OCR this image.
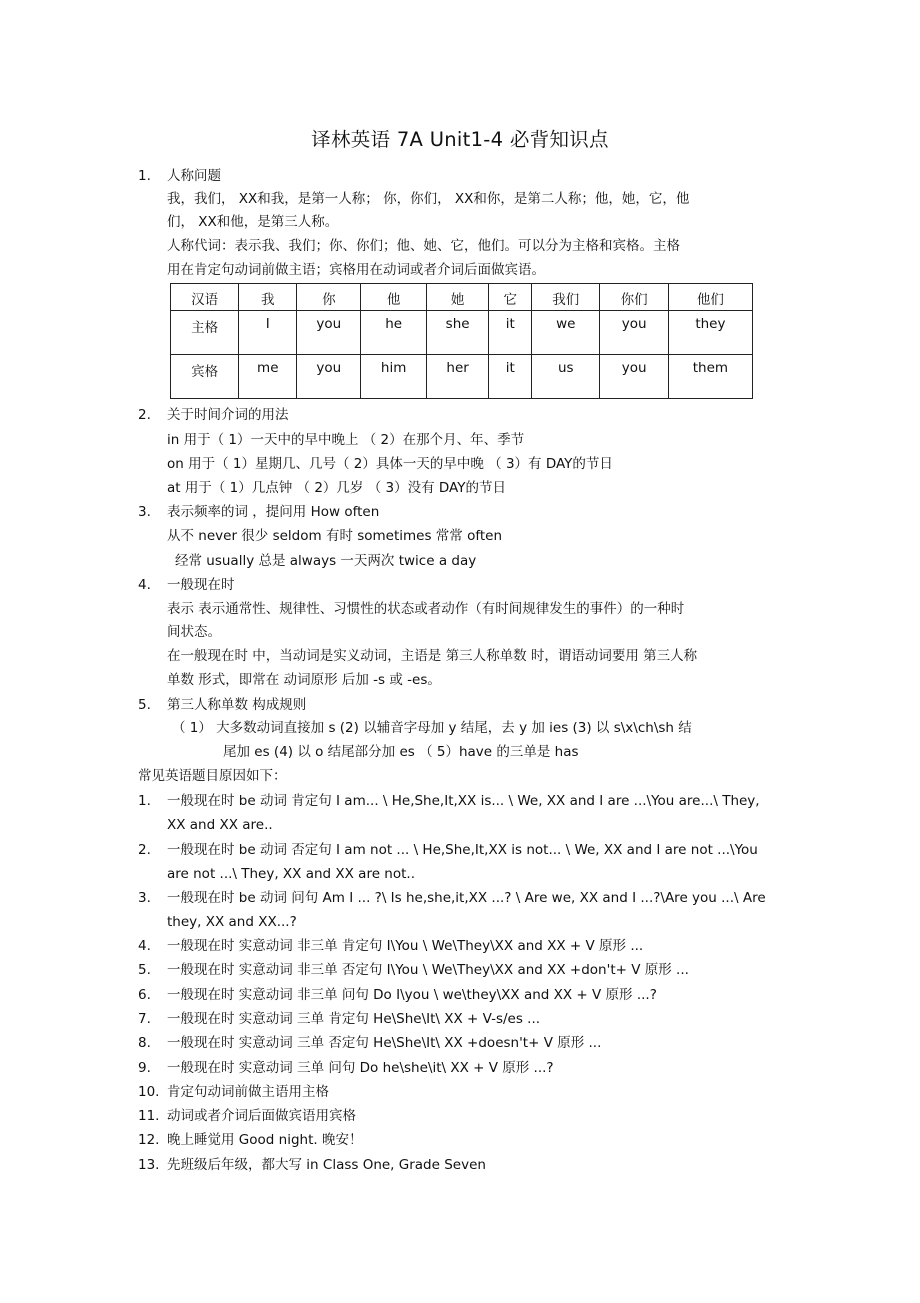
译林英语 7A Unit1-4 必背知识点
1. 人称问题
我，我们， XX和我，是第一人称； 你，你们， XX和你，是第二人称；他，她，它，他
们， XX和他，是第三人称。
人称代词：表示我、我们；你、你们；他、她、它，他们。可以分为主格和宾格。主格
用在肯定句动词前做主语；宾格用在动词或者介词后面做宾语。
汉语	我	你	他	她	它	我们	你们	他们
主格	I	you	he	she	it	we	you	they
宾格	me	you	him	her	it	us	you	them
2. 关于时间介词的用法
in 用于（ 1）一天中的早中晚上 （ 2）在那个月、年、季节
on 用于（ 1）星期几、几号（ 2）具体一天的早中晚 （ 3）有 DAY的节日
at 用于（ 1）几点钟 （ 2）几岁 （ 3）没有 DAY的节日
3. 表示频率的词 ，提问用 How often
从不 never 很少 seldom 有时 sometimes 常常 often
经常 usually 总是 always 一天两次 twice a day
4. 一般现在时
表示 表示通常性、规律性、习惯性的状态或者动作（有时间规律发生的事件）的一种时
间状态。
在一般现在时 中，当动词是实义动词，主语是 第三人称单数 时，谓语动词要用 第三人称
单数 形式，即常在 动词原形 后加 -s 或 -es。
5. 第三人称单数 构成规则
（ 1） 大多数动词直接加 s (2) 以辅音字母加 y 结尾，去 y 加 ies (3) 以 s\x\ch\sh 结
尾加 es (4) 以 o 结尾部分加 es （ 5）have 的三单是 has
常见英语题目原因如下：
1. 一般现在时 be 动词 肯定句 I am... \ He,She,It,XX is... \ We, XX and I are ...\You are...\ They,
XX and XX are..
2. 一般现在时 be 动词 否定句 I am not ... \ He,She,It,XX is not... \ We, XX and I are not ...\You
are not ...\ They, XX and XX are not..
3. 一般现在时 be 动词 问句 Am I ... ?\ Is he,she,it,XX ...? \ Are we, XX and I ...?\Are you ...\ Are
they, XX and XX...?
4. 一般现在时 实意动词 非三单 肯定句 I\You \ We\They\XX and XX + V 原形 ...
5. 一般现在时 实意动词 非三单 否定句 I\You \ We\They\XX and XX +don't+ V 原形 ...
6. 一般现在时 实意动词 非三单 问句 Do I\you \ we\they\XX and XX + V 原形 ...?
7. 一般现在时 实意动词 三单 肯定句 He\She\It\ XX + V-s/es ...
8. 一般现在时 实意动词 三单 否定句 He\She\It\ XX +doesn't+ V 原形 ...
9. 一般现在时 实意动词 三单 问句 Do he\she\it\ XX + V 原形 ...?
10. 肯定句动词前做主语用主格
11. 动词或者介词后面做宾语用宾格
12. 晚上睡觉用 Good night. 晚安！
13. 先班级后年级，都大写 in Class One, Grade Seven
